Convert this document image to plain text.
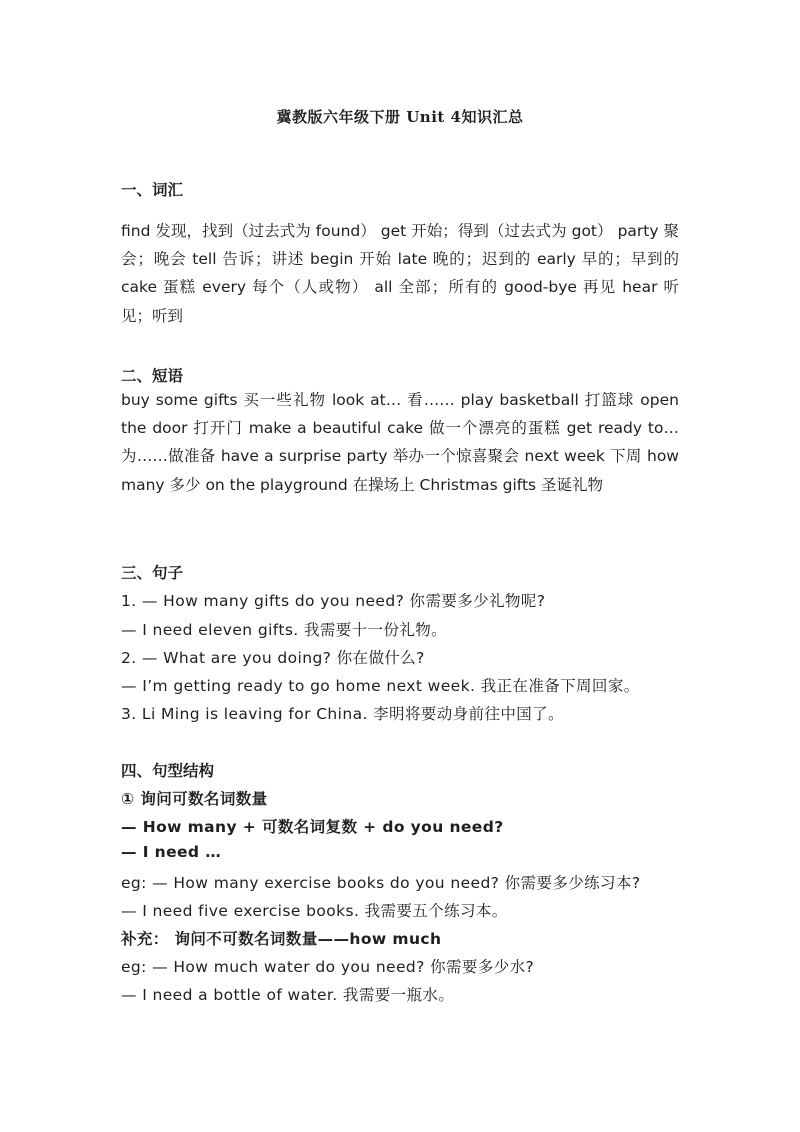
冀教版六年级下册 Unit 4知识汇总
一、词汇
find 发现，找到（过去式为 found） get 开始；得到（过去式为 got） party 聚会；晚会 tell 告诉；讲述 begin 开始 late 晚的；迟到的 early 早的；早到的 cake 蛋糕 every 每个（人或物） all 全部；所有的 good-bye 再见 hear 听见；听到
二、短语
buy some gifts 买一些礼物 look at… 看…… play basketball 打篮球 open the door 打开门 make a beautiful cake 做一个漂亮的蛋糕 get ready to… 为……做准备 have a surprise party 举办一个惊喜聚会 next week 下周 how many 多少 on the playground 在操场上 Christmas gifts 圣诞礼物
三、句子
1. — How many gifts do you need? 你需要多少礼物呢?
— I need eleven gifts. 我需要十一份礼物。
2. — What are you doing? 你在做什么?
— I’m getting ready to go home next week. 我正在准备下周回家。
3. Li Ming is leaving for China. 李明将要动身前往中国了。
四、句型结构
① 询问可数名词数量
— How many + 可数名词复数 + do you need?
— I need …
eg: — How many exercise books do you need? 你需要多少练习本?
— I need five exercise books. 我需要五个练习本。
补充： 询问不可数名词数量——how much
eg: — How much water do you need? 你需要多少水?
— I need a bottle of water. 我需要一瓶水。
